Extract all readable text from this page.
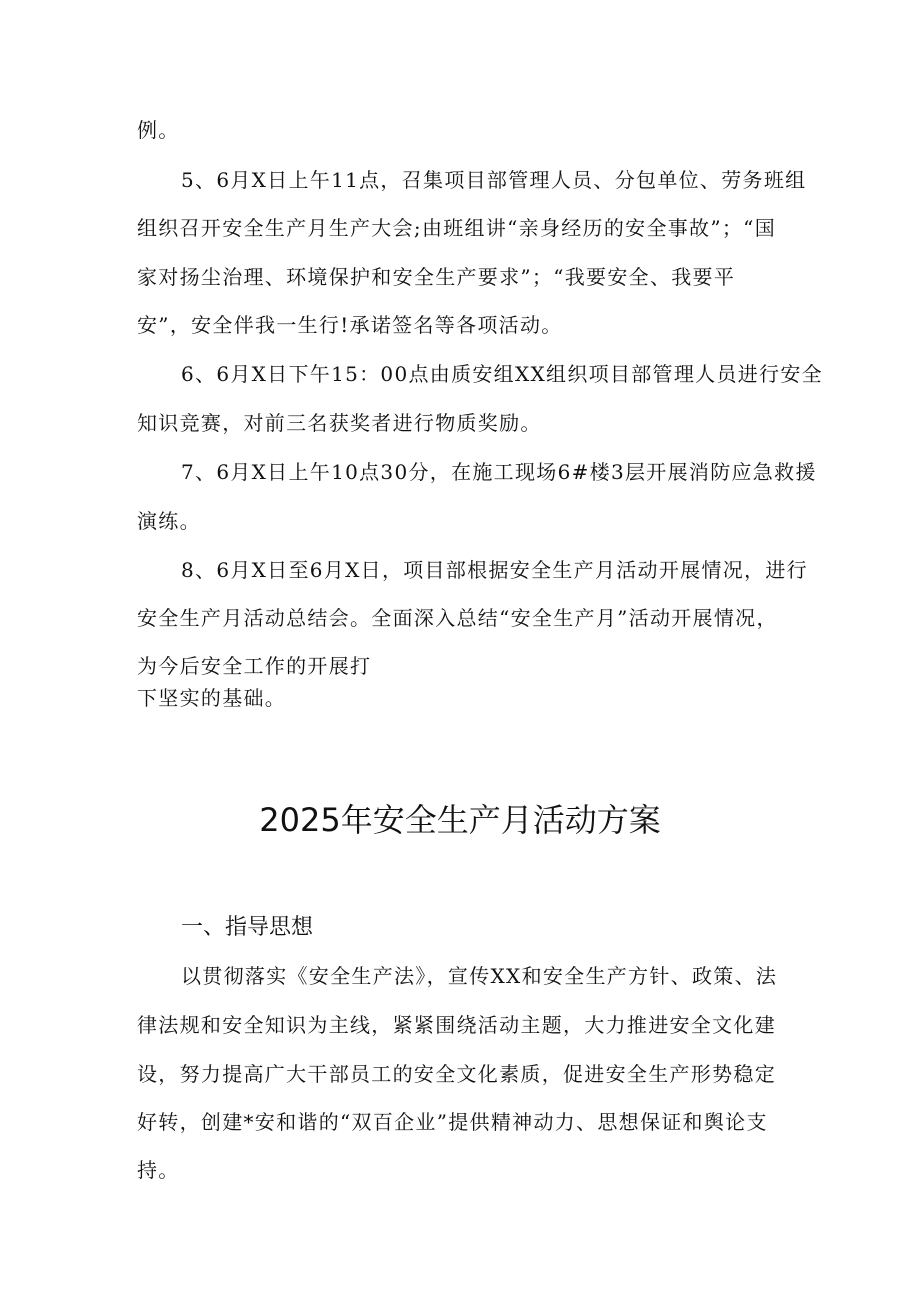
例。
5、6月X日上午11点，召集项目部管理人员、分包单位、劳务班组
组织召开安全生产月生产大会;由班组讲“亲身经历的安全事故”；“国
家对扬尘治理、环境保护和安全生产要求”；“我要安全、我要平
安”，安全伴我一生行!承诺签名等各项活动。
6、6月X日下午15：00点由质安组XX组织项目部管理人员进行安全
知识竞赛，对前三名获奖者进行物质奖励。
7、6月X日上午10点30分，在施工现场6#楼3层开展消防应急救援
演练。
8、6月X日至6月X日，项目部根据安全生产月活动开展情况，进行
安全生产月活动总结会。全面深入总结“安全生产月”活动开展情况，
为今后安全工作的开展打
下坚实的基础。
2025年安全生产月活动方案
一、指导思想
以贯彻落实《安全生产法》，宣传XX和安全生产方针、政策、法
律法规和安全知识为主线，紧紧围绕活动主题，大力推进安全文化建
设，努力提高广大干部员工的安全文化素质，促进安全生产形势稳定
好转，创建*安和谐的“双百企业”提供精神动力、思想保证和舆论支
持。
